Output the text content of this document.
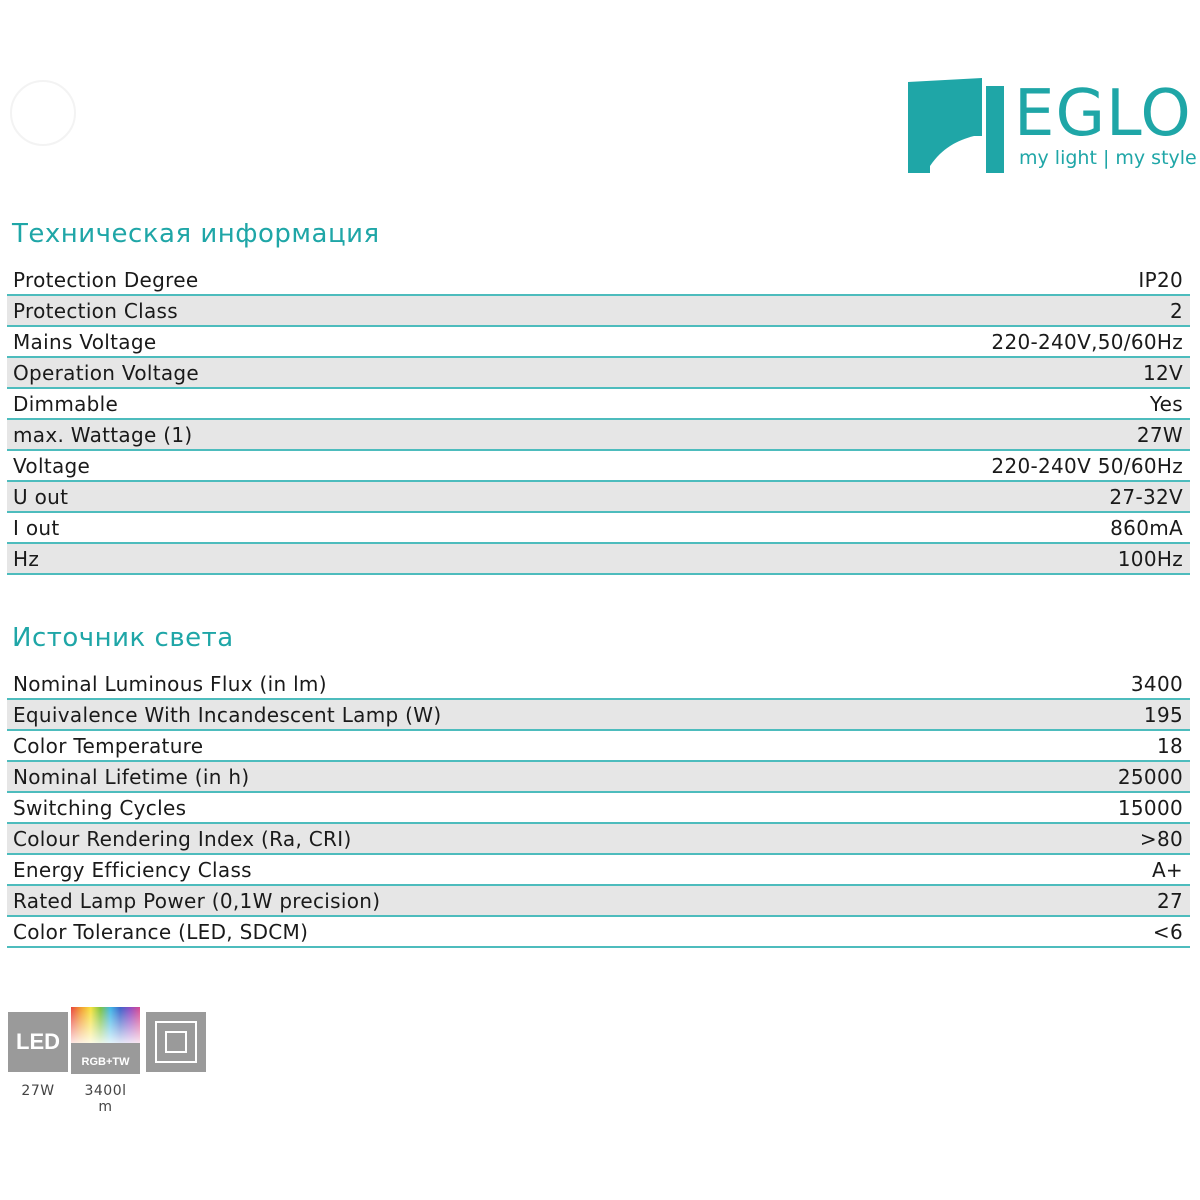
EGLO
my light | my style
Техническая информация
Protection Degree	IP20
Protection Class	2
Mains Voltage	220-240V,50/60Hz
Operation Voltage	12V
Dimmable	Yes
max. Wattage (1)	27W
Voltage	220-240V 50/60Hz
U out	27-32V
I out	860mA
Hz	100Hz
Источник света
Nominal Luminous Flux (in lm)	3400
Equivalence With Incandescent Lamp (W)	195
Color Temperature	18
Nominal Lifetime (in h)	25000
Switching Cycles	15000
Colour Rendering Index (Ra, CRI)	>80
Energy Efficiency Class	A+
Rated Lamp Power (0,1W precision)	27
Color Tolerance (LED, SDCM)	<6
LED
RGB+TW
27W	3400l
m
